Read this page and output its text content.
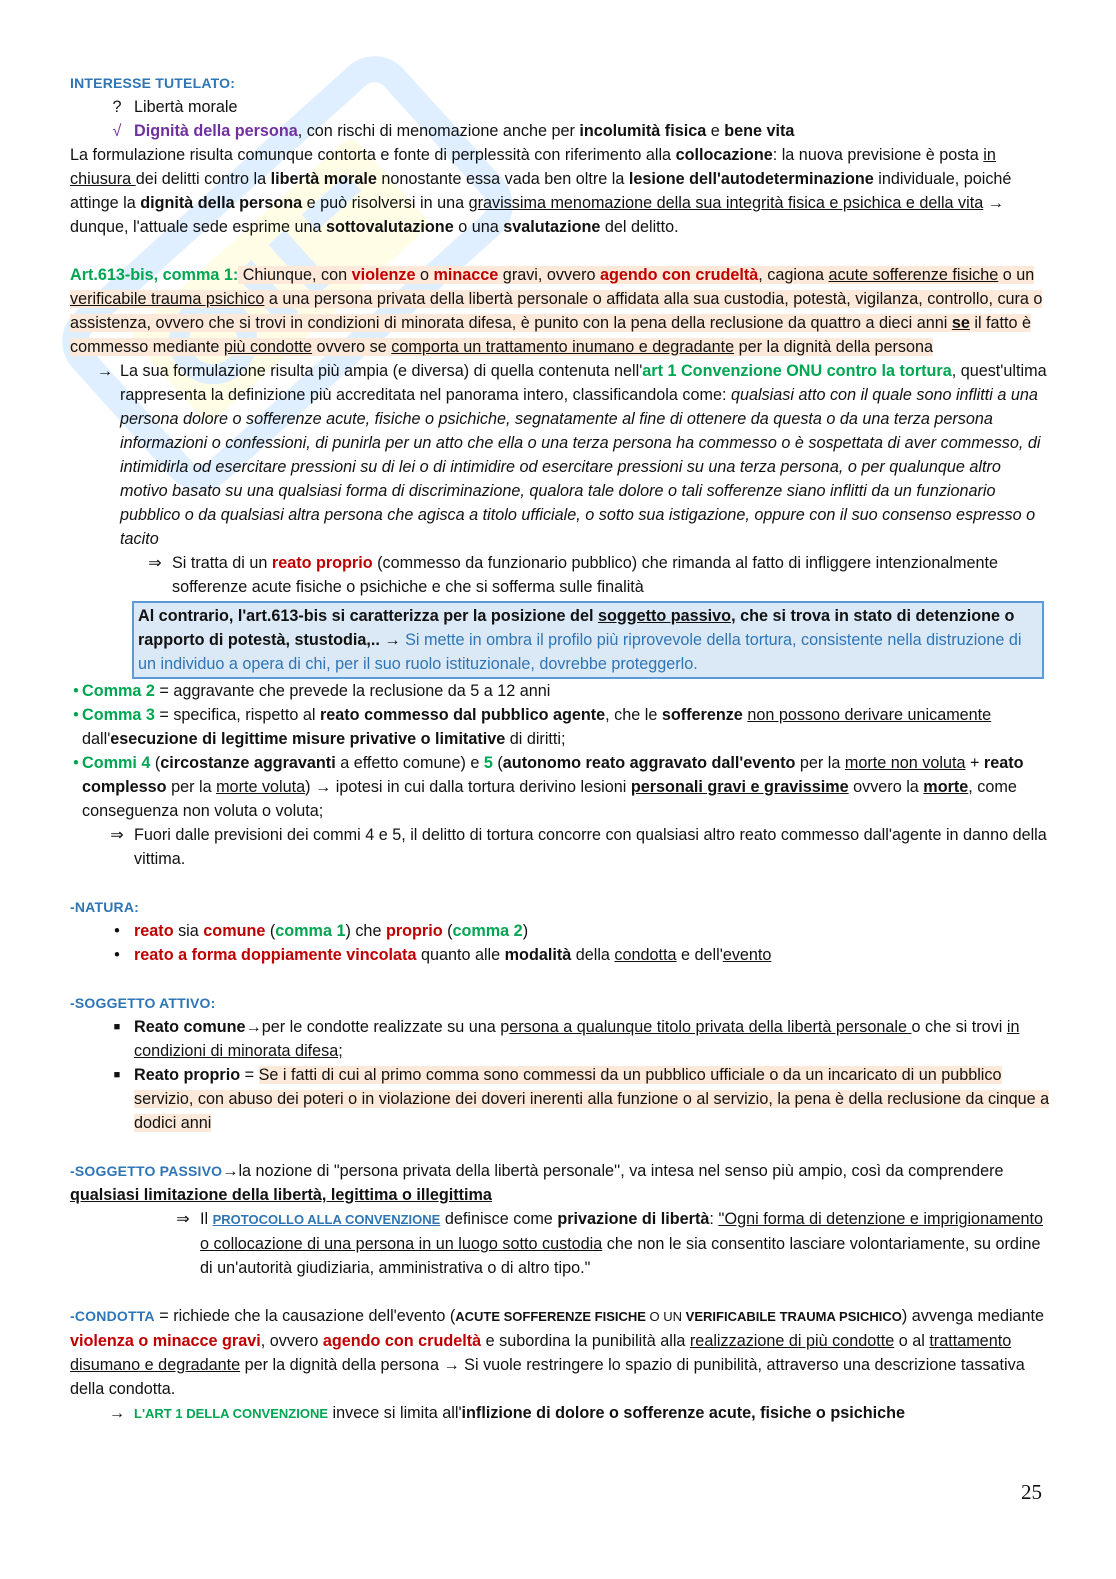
INTERESSE TUTELATO:

? Libertà morale
√ Dignità della persona, con rischi di menomazione anche per incolumità fisica e bene vita

La formulazione risulta comunque contorta e fonte di perplessità con riferimento alla collocazione: la nuova previsione è posta in chiusura dei delitti contro la libertà morale nonostante essa vada ben oltre la lesione dell'autodeterminazione individuale, poiché attinge la dignità della persona e può risolversi in una gravissima menomazione della sua integrità fisica e psichica e della vita → dunque, l'attuale sede esprime una sottovalutazione o una svalutazione del delitto.

Art.613-bis, comma 1: Chiunque, con violenze o minacce gravi, ovvero agendo con crudeltà, cagiona acute sofferenze fisiche o un verificabile trauma psichico a una persona privata della libertà personale o affidata alla sua custodia, potestà, vigilanza, controllo, cura o assistenza, ovvero che si trovi in condizioni di minorata difesa, è punito con la pena della reclusione da quattro a dieci anni se il fatto è commesso mediante più condotte ovvero se comporta un trattamento inumano e degradante per la dignità della persona

→ La sua formulazione risulta più ampia (e diversa) di quella contenuta nell'art 1 Convenzione ONU contro la tortura, quest'ultima rappresenta la definizione più accreditata nel panorama intero, classificandola come: qualsiasi atto con il quale sono inflitti a una persona dolore o sofferenze acute, fisiche o psichiche, segnatamente al fine di ottenere da questa o da una terza persona informazioni o confessioni, di punirla per un atto che ella o una terza persona ha commesso o è sospettata di aver commesso, di intimidirla od esercitare pressioni su di lei o di intimidire od esercitare pressioni su una terza persona, o per qualunque altro motivo basato su una qualsiasi forma di discriminazione, qualora tale dolore o tali sofferenze siano inflitti da un funzionario pubblico o da qualsiasi altra persona che agisca a titolo ufficiale, o sotto sua istigazione, oppure con il suo consenso espresso o tacito
⇒ Si tratta di un reato proprio (commesso da funzionario pubblico) che rimanda al fatto di infliggere intenzionalmente sofferenze acute fisiche o psichiche e che si sofferma sulle finalità
Al contrario, l'art.613-bis si caratterizza per la posizione del soggetto passivo, che si trova in stato di detenzione o rapporto di potestà, stustodia,.. → Si mette in ombra il profilo più riprovevole della tortura, consistente nella distruzione di un individuo a opera di chi, per il suo ruolo istituzionale, dovrebbe proteggerlo.
• Comma 2 = aggravante che prevede la reclusione da 5 a 12 anni
• Comma 3 = specifica, rispetto al reato commesso dal pubblico agente, che le sofferenze non possono derivare unicamente dall'esecuzione di legittime misure privative o limitative di diritti;
• Commi 4 (circostanze aggravanti a effetto comune) e 5 (autonomo reato aggravato dall'evento per la morte non voluta + reato complesso per la morte voluta) → ipotesi in cui dalla tortura derivino lesioni personali gravi e gravissime ovvero la morte, come conseguenza non voluta o voluta;
⇒ Fuori dalle previsioni dei commi 4 e 5, il delitto di tortura concorre con qualsiasi altro reato commesso dall'agente in danno della vittima.

-NATURA:

• reato sia comune (comma 1) che proprio (comma 2)
• reato a forma doppiamente vincolata quanto alle modalità della condotta e dell'evento

-SOGGETTO ATTIVO:

■ Reato comune→per le condotte realizzate su una persona a qualunque titolo privata della libertà personale o che si trovi in condizioni di minorata difesa;
■ Reato proprio = Se i fatti di cui al primo comma sono commessi da un pubblico ufficiale o da un incaricato di un pubblico servizio, con abuso dei poteri o in violazione dei doveri inerenti alla funzione o al servizio, la pena è della reclusione da cinque a dodici anni

-SOGGETTO PASSIVO→la nozione di "persona privata della libertà personale'', va intesa nel senso più ampio, così da comprendere qualsiasi limitazione della libertà, legittima o illegittima

⇒ Il PROTOCOLLO ALLA CONVENZIONE definisce come privazione di libertà: ''Ogni forma di detenzione e imprigionamento o collocazione di una persona in un luogo sotto custodia che non le sia consentito lasciare volontariamente, su ordine di un'autorità giudiziaria, amministrativa o di altro tipo."

-CONDOTTA = richiede che la causazione dell'evento (ACUTE SOFFERENZE FISICHE O UN VERIFICABILE TRAUMA PSICHICO) avvenga mediante violenza o minacce gravi, ovvero agendo con crudeltà e subordina la punibilità alla realizzazione di più condotte o al trattamento disumano e degradante per la dignità della persona → Si vuole restringere lo spazio di punibilità, attraverso una descrizione tassativa della condotta.

→ L'ART 1 DELLA CONVENZIONE invece si limita all'inflizione di dolore o sofferenze acute, fisiche o psichiche
25
